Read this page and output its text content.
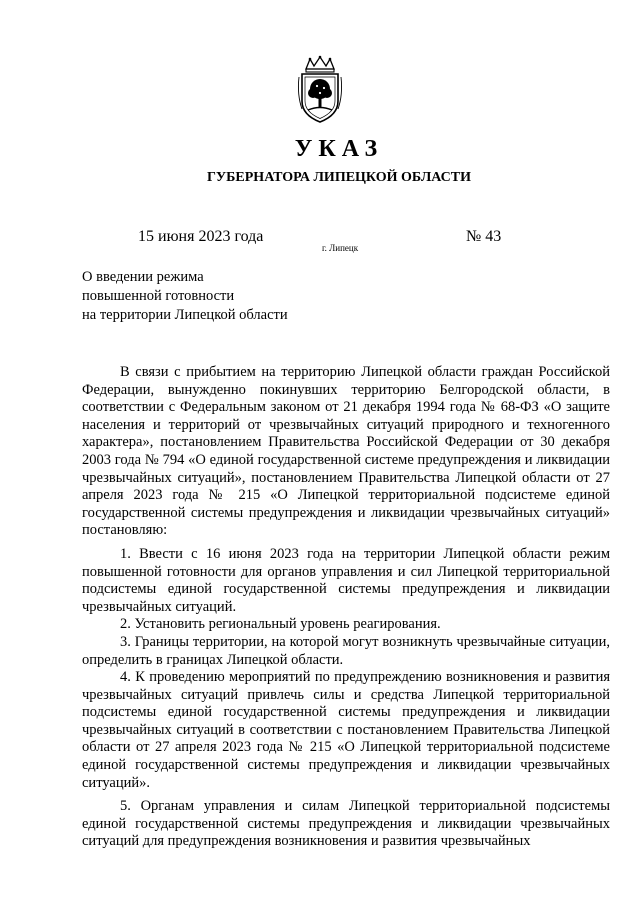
УКАЗ
ГУБЕРНАТОРА ЛИПЕЦКОЙ ОБЛАСТИ
15 июня 2023 года
г. Липецк
№ 43
О введении режима
повышенной готовности
на территории Липецкой области

В связи с прибытием на территорию Липецкой области граждан Российской Федерации, вынужденно покинувших территорию Белгородской области, в соответствии с Федеральным законом от 21 декабря 1994 года № 68-ФЗ «О защите населения и территорий от чрезвычайных ситуаций природного и техногенного характера», постановлением Правительства Российской Федерации от 30 декабря 2003 года № 794 «О единой государственной системе предупреждения и ликвидации чрезвычайных ситуаций», постановлением Правительства Липецкой области от 27 апреля 2023 года № 215 «О Липецкой территориальной подсистеме единой государственной системы предупреждения и ликвидации чрезвычайных ситуаций» постановляю:

1. Ввести с 16 июня 2023 года на территории Липецкой области режим повышенной готовности для органов управления и сил Липецкой территориальной подсистемы единой государственной системы предупреждения и ликвидации чрезвычайных ситуаций.

2. Установить региональный уровень реагирования.

3. Границы территории, на которой могут возникнуть чрезвычайные ситуации, определить в границах Липецкой области.

4. К проведению мероприятий по предупреждению возникновения и развития чрезвычайных ситуаций привлечь силы и средства Липецкой территориальной подсистемы единой государственной системы предупреждения и ликвидации чрезвычайных ситуаций в соответствии с постановлением Правительства Липецкой области от 27 апреля 2023 года № 215 «О Липецкой территориальной подсистеме единой государственной системы предупреждения и ликвидации чрезвычайных ситуаций».

5. Органам управления и силам Липецкой территориальной подсистемы единой государственной системы предупреждения и ликвидации чрезвычайных ситуаций для предупреждения возникновения и развития чрезвычайных
